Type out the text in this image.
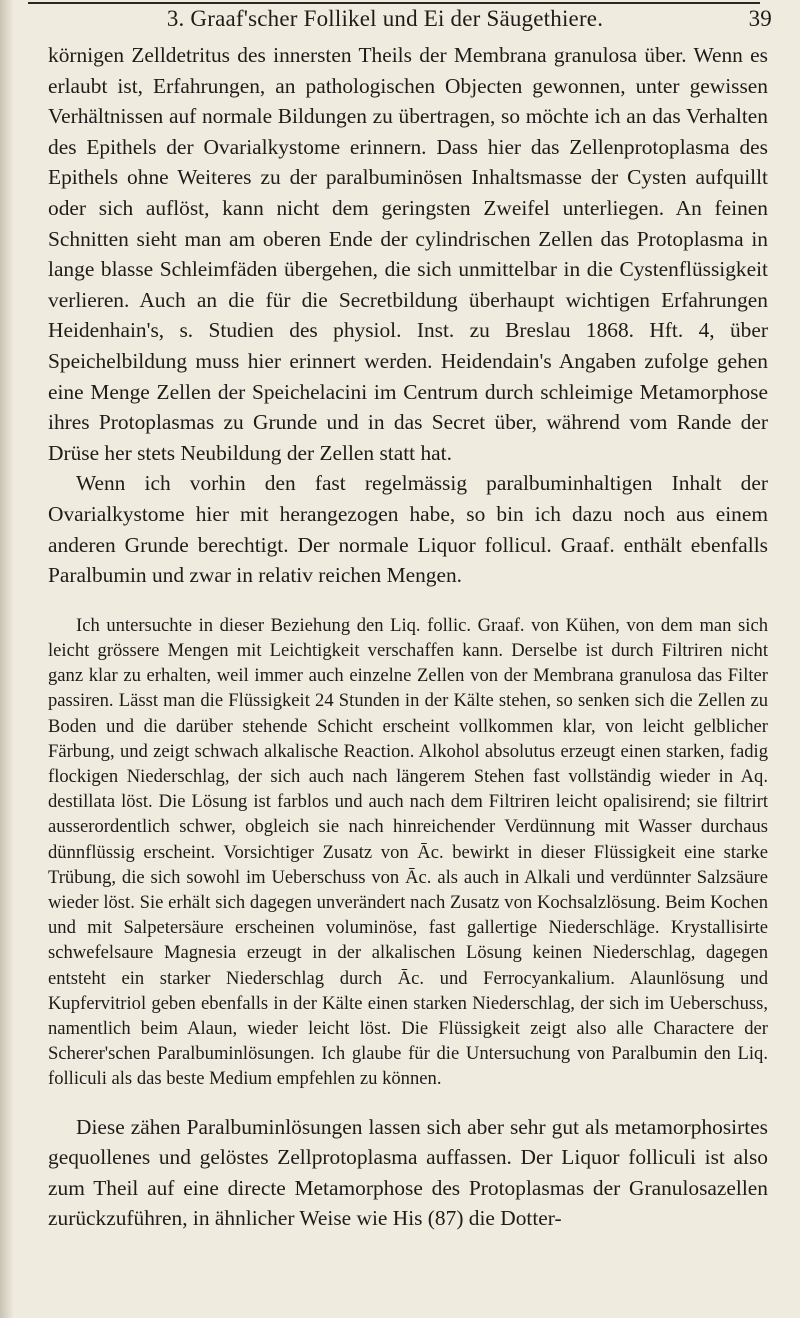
3. Graaf'scher Follikel und Ei der Säugethiere.	39

körnigen Zelldetritus des innersten Theils der Membrana granulosa über. Wenn es erlaubt ist, Erfahrungen, an pathologischen Objecten gewonnen, unter gewissen Verhältnissen auf normale Bildungen zu übertragen, so möchte ich an das Verhalten des Epithels der Ovarialkystome erinnern. Dass hier das Zellenprotoplasma des Epithels ohne Weiteres zu der paralbuminösen Inhaltsmasse der Cysten aufquillt oder sich auflöst, kann nicht dem geringsten Zweifel unterliegen. An feinen Schnitten sieht man am oberen Ende der cylindrischen Zellen das Protoplasma in lange blasse Schleimfäden übergehen, die sich unmittelbar in die Cystenflüssigkeit verlieren. Auch an die für die Secretbildung überhaupt wichtigen Erfahrungen Heidenhain's, s. Studien des physiol. Inst. zu Breslau 1868. Hft. 4, über Speichelbildung muss hier erinnert werden. Heidendain's Angaben zufolge gehen eine Menge Zellen der Speichelacini im Centrum durch schleimige Metamorphose ihres Protoplasmas zu Grunde und in das Secret über, während vom Rande der Drüse her stets Neubildung der Zellen statt hat.

Wenn ich vorhin den fast regelmässig paralbuminhaltigen Inhalt der Ovarialkystome hier mit herangezogen habe, so bin ich dazu noch aus einem anderen Grunde berechtigt. Der normale Liquor follicul. Graaf. enthält ebenfalls Paralbumin und zwar in relativ reichen Mengen.

Ich untersuchte in dieser Beziehung den Liq. follic. Graaf. von Kühen, von dem man sich leicht grössere Mengen mit Leichtigkeit verschaffen kann. Derselbe ist durch Filtriren nicht ganz klar zu erhalten, weil immer auch einzelne Zellen von der Membrana granulosa das Filter passiren. Lässt man die Flüssigkeit 24 Stunden in der Kälte stehen, so senken sich die Zellen zu Boden und die darüber stehende Schicht erscheint vollkommen klar, von leicht gelblicher Färbung, und zeigt schwach alkalische Reaction. Alkohol absolutus erzeugt einen starken, fadig flockigen Niederschlag, der sich auch nach längerem Stehen fast vollständig wieder in Aq. destillata löst. Die Lösung ist farblos und auch nach dem Filtriren leicht opalisirend; sie filtrirt ausserordentlich schwer, obgleich sie nach hinreichender Verdünnung mit Wasser durchaus dünnflüssig erscheint. Vorsichtiger Zusatz von Āc. bewirkt in dieser Flüssigkeit eine starke Trübung, die sich sowohl im Ueberschuss von Āc. als auch in Alkali und verdünnter Salzsäure wieder löst. Sie erhält sich dagegen unverändert nach Zusatz von Kochsalzlösung. Beim Kochen und mit Salpetersäure erscheinen voluminöse, fast gallertige Niederschläge. Krystallisirte schwefelsaure Magnesia erzeugt in der alkalischen Lösung keinen Niederschlag, dagegen entsteht ein starker Niederschlag durch Āc. und Ferrocyankalium. Alaunlösung und Kupfervitriol geben ebenfalls in der Kälte einen starken Niederschlag, der sich im Ueberschuss, namentlich beim Alaun, wieder leicht löst. Die Flüssigkeit zeigt also alle Charactere der Scherer'schen Paralbuminlösungen. Ich glaube für die Untersuchung von Paralbumin den Liq. folliculi als das beste Medium empfehlen zu können.

Diese zähen Paralbuminlösungen lassen sich aber sehr gut als metamorphosirtes gequollenes und gelöstes Zellprotoplasma auffassen. Der Liquor folliculi ist also zum Theil auf eine directe Metamorphose des Protoplasmas der Granulosazellen zurückzuführen, in ähnlicher Weise wie His (87) die Dotter-
